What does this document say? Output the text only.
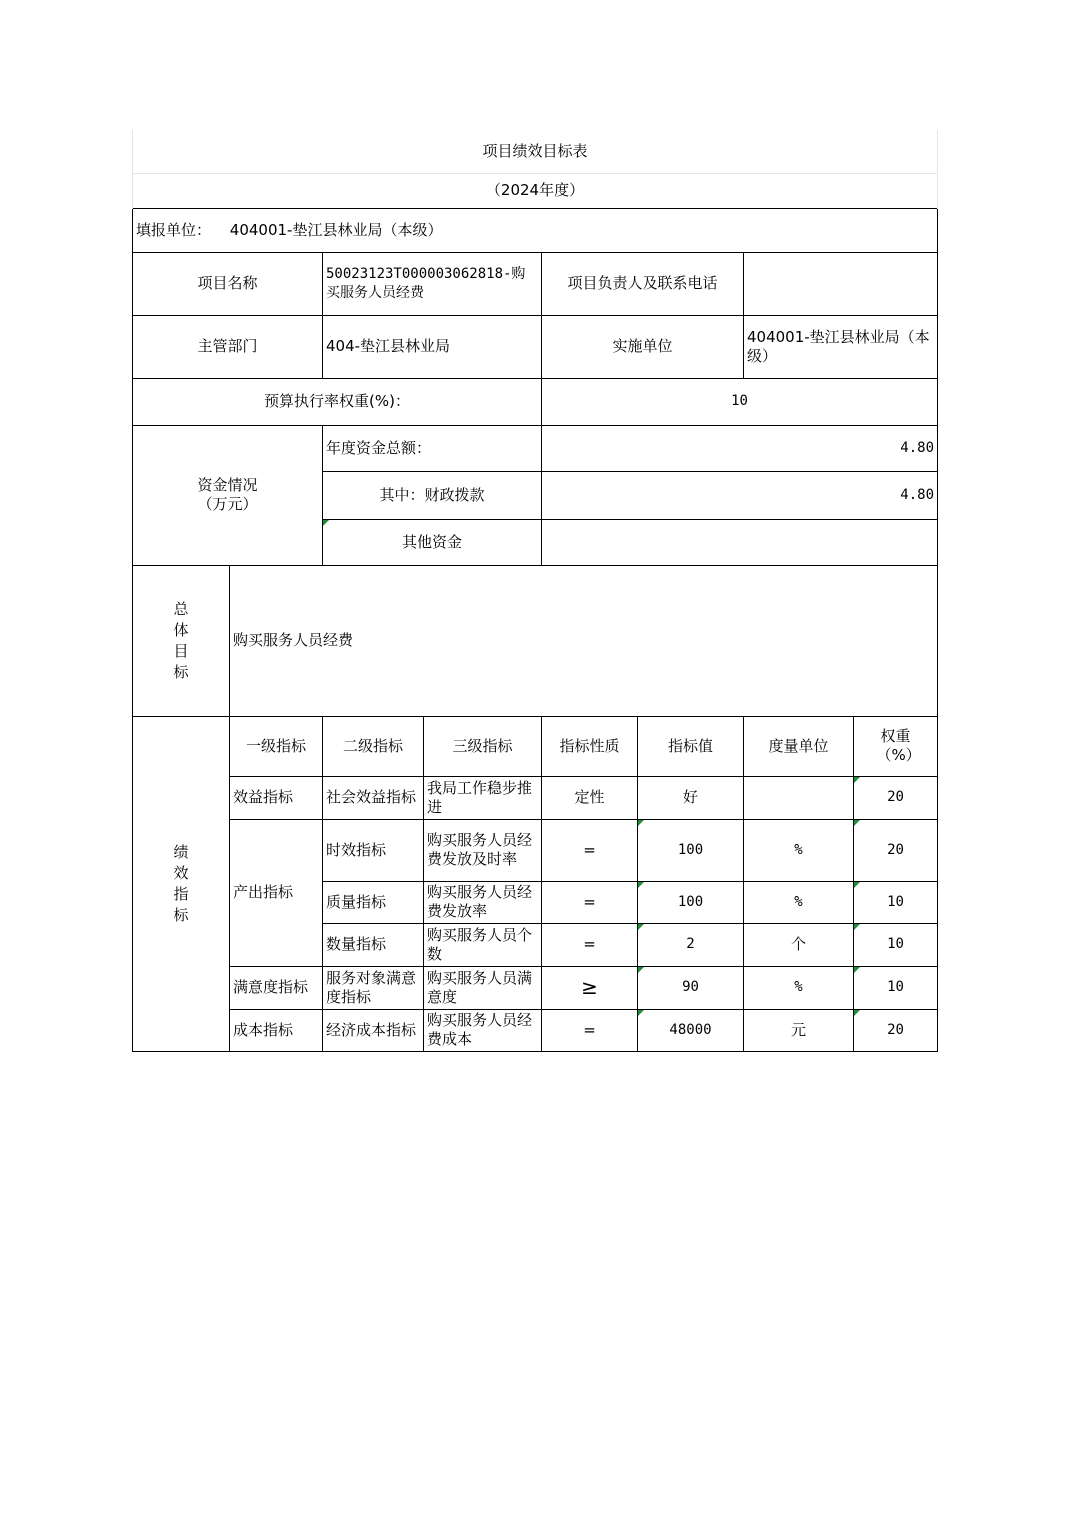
项目绩效目标表							
（2024年度）							
填报单位： 404001-垫江县林业局（本级）							
项目名称		50023123T000003062818-购买服务人员经费		项目负责人及联系电话			
主管部门		404-垫江县林业局		实施单位		404001-垫江县林业局（本级）	
预算执行率权重(%)：				10			
资金情况（万元）		年度资金总额：		4.80			
		其中：财政拨款		4.80			
		其他资金					
总体目标	购买服务人员经费						
绩效指标	一级指标	二级指标	三级指标	指标性质	指标值	度量单位	权重（%）
	效益指标	社会效益指标	我局工作稳步推进	定性	好		20
	产出指标	时效指标	购买服务人员经费发放及时率	=	100	%	20
		质量指标	购买服务人员经费发放率	=	100	%	10
		数量指标	购买服务人员个数	=	2	个	10
	满意度指标	服务对象满意度指标	购买服务人员满意度	≥	90	%	10
	成本指标	经济成本指标	购买服务人员经费成本	=	48000	元	20
